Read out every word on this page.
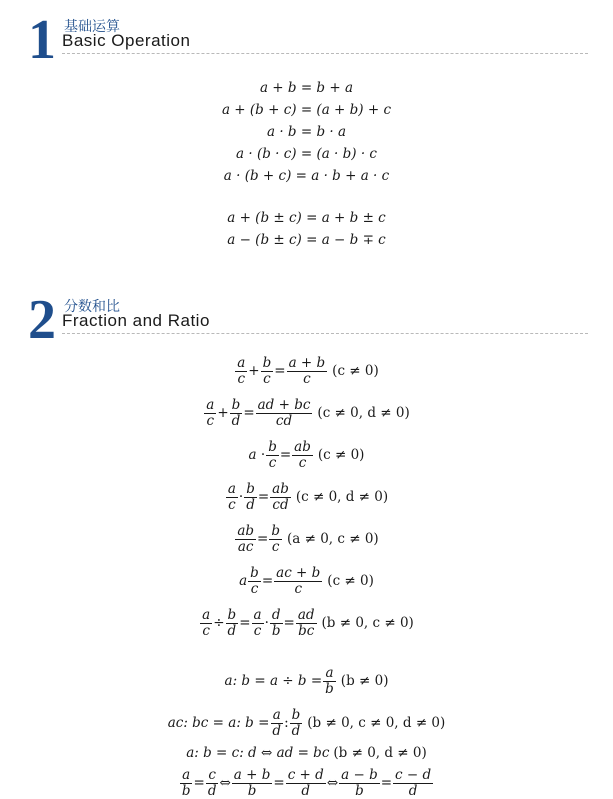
1 基础运算
Basic Operation
a + b = b + a
a + (b + c) = (a + b) + c
a · b = b · a
a · (b · c) = (a · b) · c
a · (b + c) = a · b + a · c
a + (b ± c) = a + b ± c
a − (b ± c) = a − b ∓ c
2 分数和比
Fraction and Ratio
$\frac{a}{c} + \frac{b}{c} = \frac{a + b}{c} (c \ne 0)$
$\frac{a}{c} + \frac{b}{d} = \frac{ad + bc}{cd} (c \ne 0$, d ≠ 0)
$a \cdot \frac{b}{c} = \frac{ab}{c} (c \ne 0)$
$\frac{a}{c} \cdot \frac{b}{d} = \frac{ab}{cd} (c \ne 0$, d ≠ 0)
$\frac{ab}{ac} = \frac{b}{c} (a \ne 0$, c ≠ 0)
a $\frac{b}{c} = \frac{ac + b}{c} (c \ne 0)$
$\frac{a}{c} \div \frac{b}{d} = \frac{a}{c} \cdot \frac{d}{b} = \frac{ad}{bc} (b \ne 0$, c ≠ 0)
a: $b = a \div b = \frac{a}{b} (b \ne 0)$
ac: bc = a: $b = \frac{a}{d}$ : $\frac{b}{d} (b \ne 0$, c ≠ 0, d ≠ 0)
a: b = c: d ⇔ ad = bc (b ≠ 0, d ≠ 0)
$\frac{a}{b} = \frac{c}{d}$ ⇔ $\frac{a + b}{b} = \frac{c + d}{d}$ ⇔ $\frac{a - b}{b} = \frac{c - d}{d}$
